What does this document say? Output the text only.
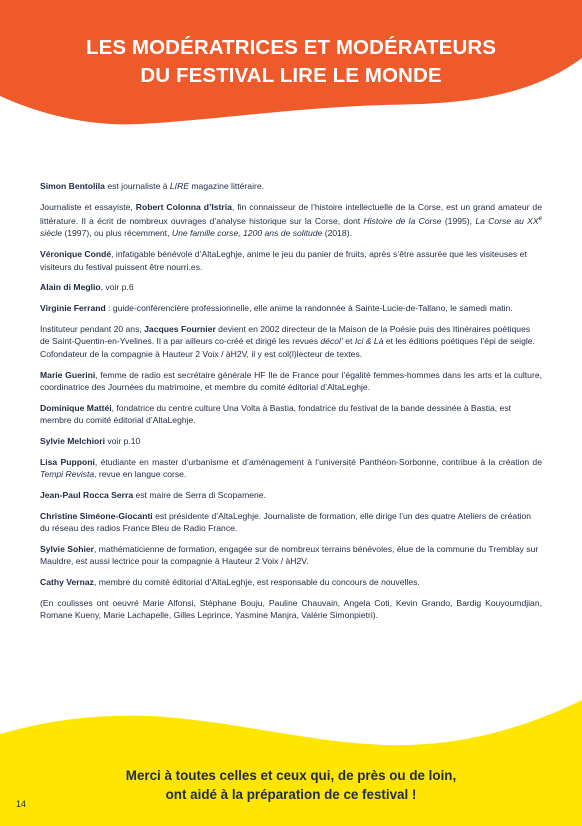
LES MODÉRATRICES ET MODÉRATEURS
DU FESTIVAL LIRE LE MONDE

Simon Bentolila est journaliste à LIRE magazine littéraire.

Journaliste et essayiste, Robert Colonna d’Istria, fin connaisseur de l’histoire intellectuelle de la Corse, est un grand amateur de littérature. Il a écrit de nombreux ouvrages d’analyse historique sur la Corse, dont Histoire de la Corse (1995), La Corse au XXe siècle (1997), ou plus récemment, Une famille corse, 1200 ans de solitude (2018).

Véronique Condé, infatigable bénévole d’AltaLeghje, anime le jeu du panier de fruits, après s’être assurée que les visiteuses et visiteurs du festival puissent être nourri.es.

Alain di Meglio, voir p.6

Virginie Ferrand : guide-conférencière professionnelle, elle anime la randonnée à Sainte-Lucie-de-Tallano, le samedi matin.

Instituteur pendant 20 ans, Jacques Fournier devient en 2002 directeur de la Maison de la Poésie puis des Itinéraires poétiques de Saint-Quentin-en-Yvelines. Il a par ailleurs co-créé et dirigé les revues décol’ et Ici & Là et les éditions poétiques l’épi de seigle. Cofondateur de la compagnie à Hauteur 2 Voix / àH2V, il y est col(l)lecteur de textes.

Marie Guerini, femme de radio est secrétaire générale HF Ile de France pour l’égalité femmes-hommes dans les arts et la culture, coordinatrice des Journées du matrimoine, et membre du comité éditorial d’AltaLeghje.

Dominique Mattéi, fondatrice du centre culture Una Volta à Bastia, fondatrice du festival de la bande dessinée à Bastia, est membre du comité éditorial d’AltaLeghje.

Sylvie Melchiori voir p.10

Lisa Pupponi, étudiante en master d’urbanisme et d’aménagement à l’université Panthéon-Sorbonne, contribue à la création de Tempi Revista, revue en langue corse.

Jean-Paul Rocca Serra est maire de Serra di Scopamene.

Christine Siméone-Giocanti est présidente d’AltaLeghje. Journaliste de formation, elle dirige l’un des quatre Ateliers de création du réseau des radios France Bleu de Radio France.

Sylvie Sohier, mathématicienne de formation, engagée sur de nombreux terrains bénévoles, élue de la commune du Tremblay sur Mauldre, est aussi lectrice pour la compagnie à Hauteur 2 Voix / àH2V.

Cathy Vernaz, membre du comité éditorial d’AltaLeghje, est responsable du concours de nouvelles.

(En coulisses ont oeuvré Marie Alfonsi, Stéphane Bouju, Pauline Chauvain, Angela Coti, Kevin Grando, Bardig Kouyoumdjian, Romane Kueny, Marie Lachapelle, Gilles Leprince, Yasmine Manjra, Valérie Simonpietri).

Merci à toutes celles et ceux qui, de près ou de loin,
ont aidé à la préparation de ce festival !
14
